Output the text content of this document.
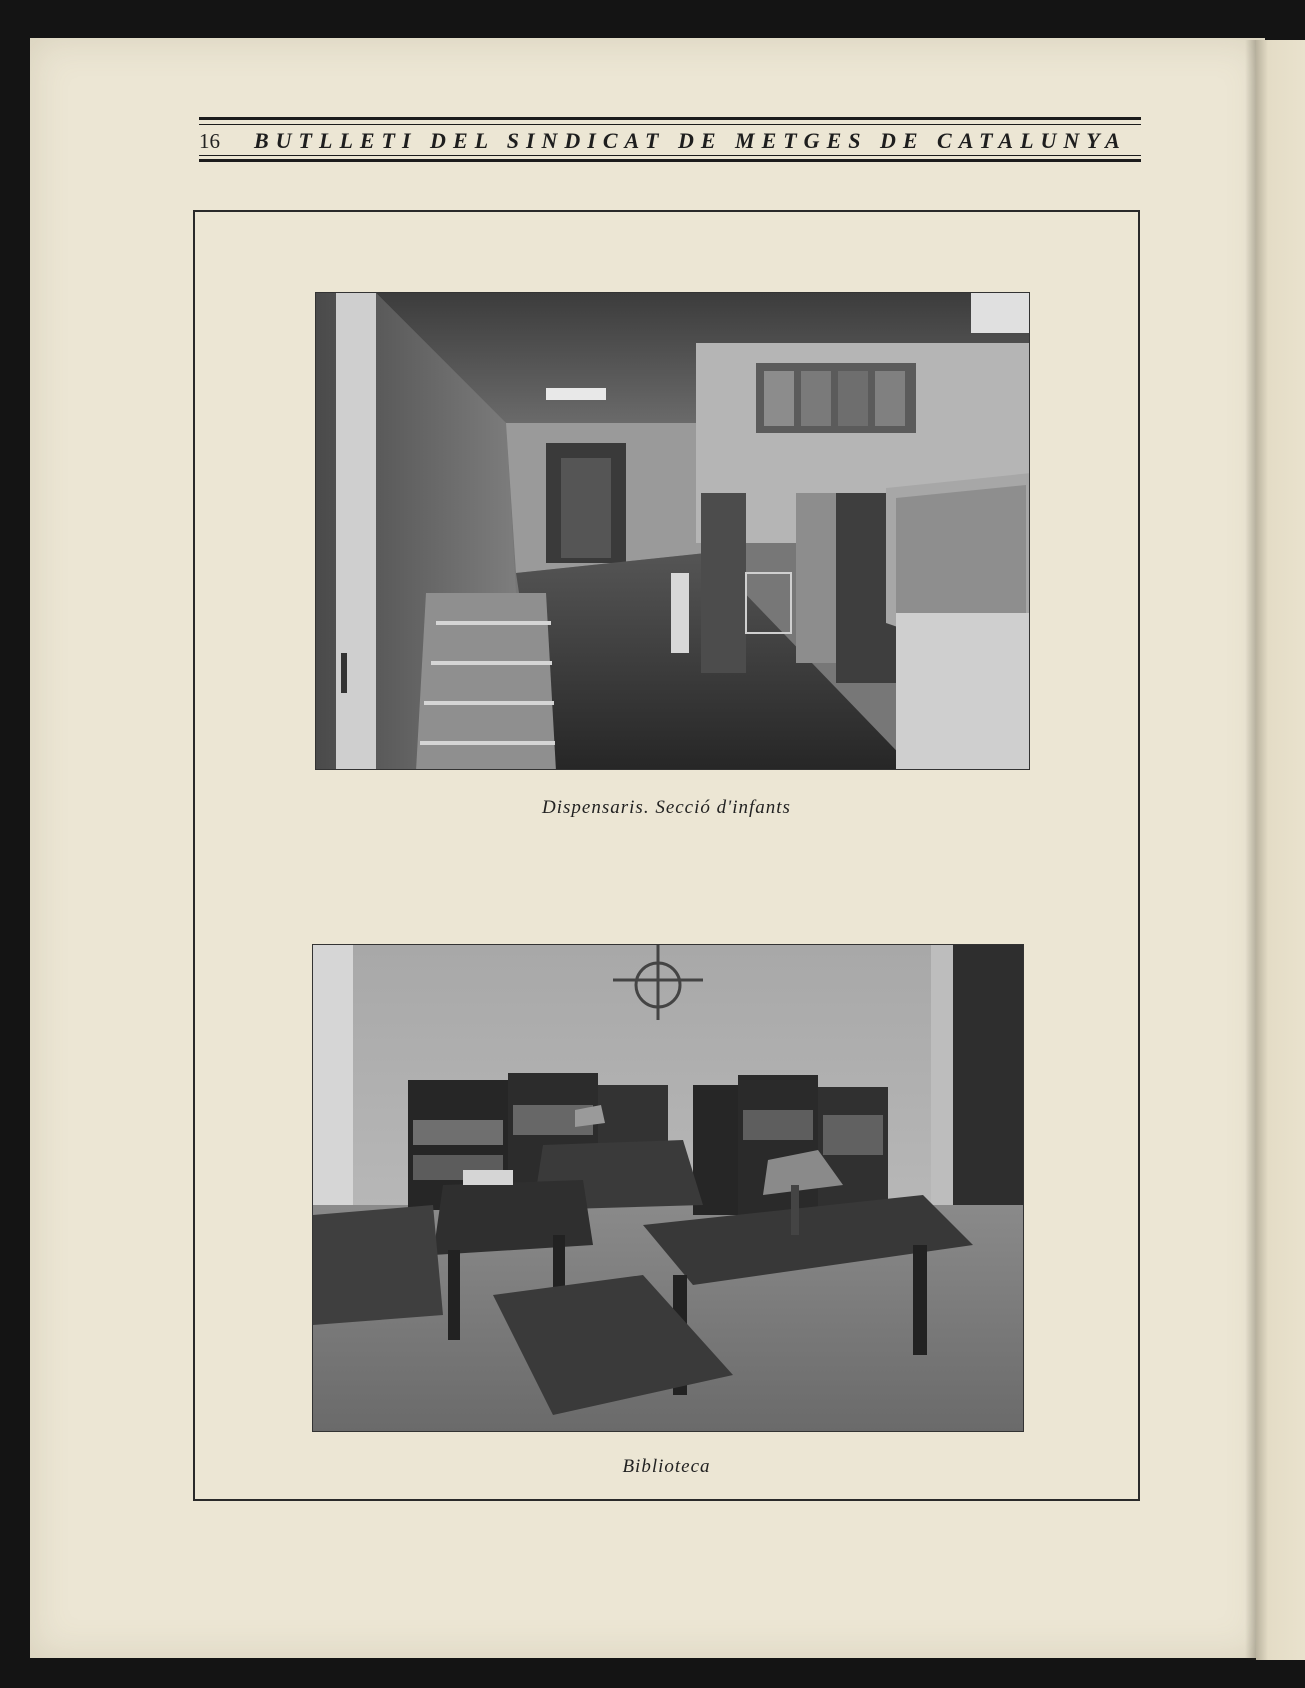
16 BUTLLETI DEL SINDICAT DE METGES DE CATALUNYA
Dispensaris. Secció d'infants
Biblioteca
